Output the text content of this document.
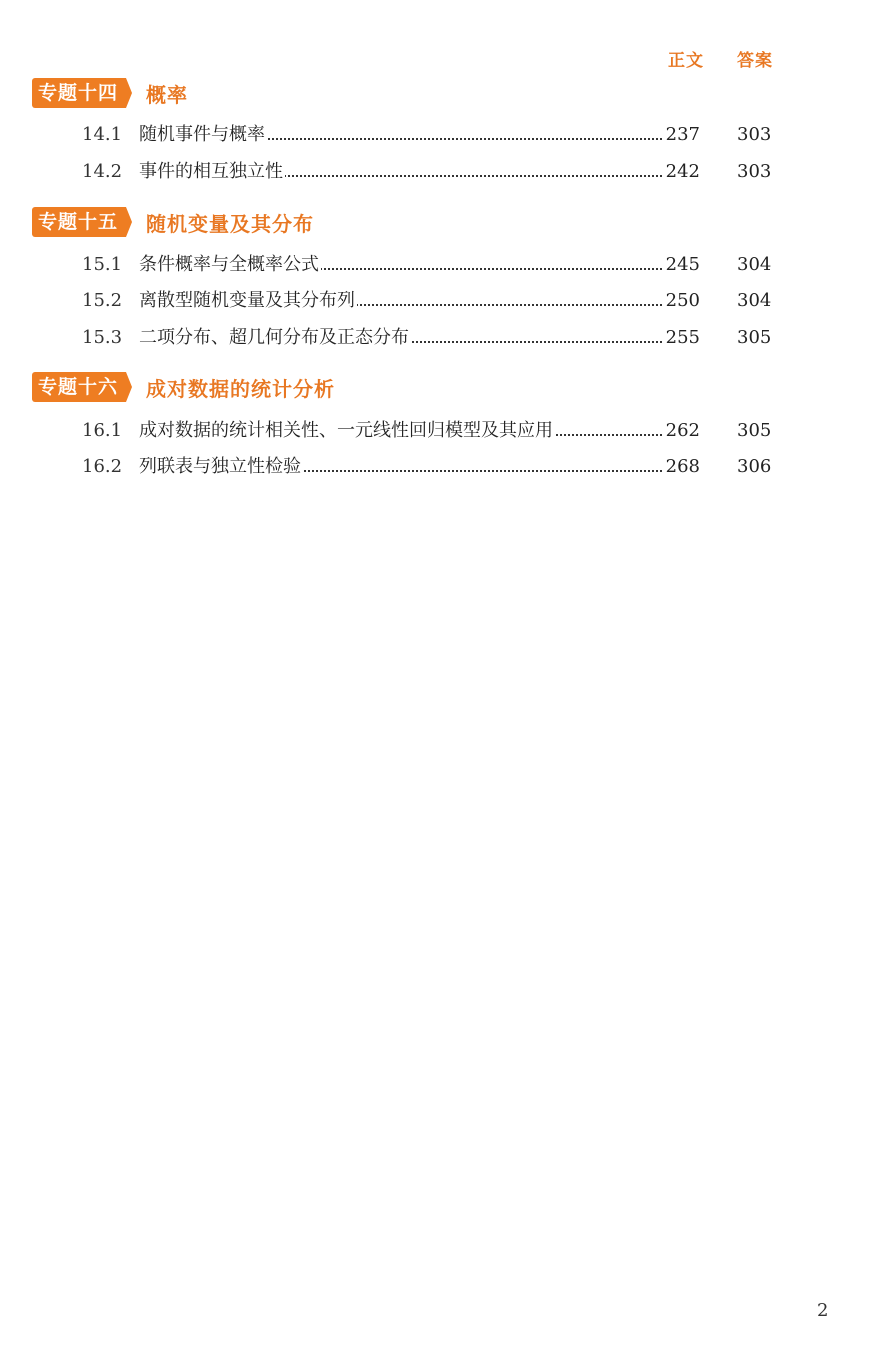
正文 答案
专题十四	概率
14.1 随机事件与概率	237 303
14.2 事件的相互独立性	242 303
专题十五	随机变量及其分布
15.1 条件概率与全概率公式	245 304
15.2 离散型随机变量及其分布列	250 304
15.3 二项分布、超几何分布及正态分布	255 305
专题十六	成对数据的统计分析
16.1 成对数据的统计相关性、一元线性回归模型及其应用	262 305
16.2 列联表与独立性检验	268 306
2
